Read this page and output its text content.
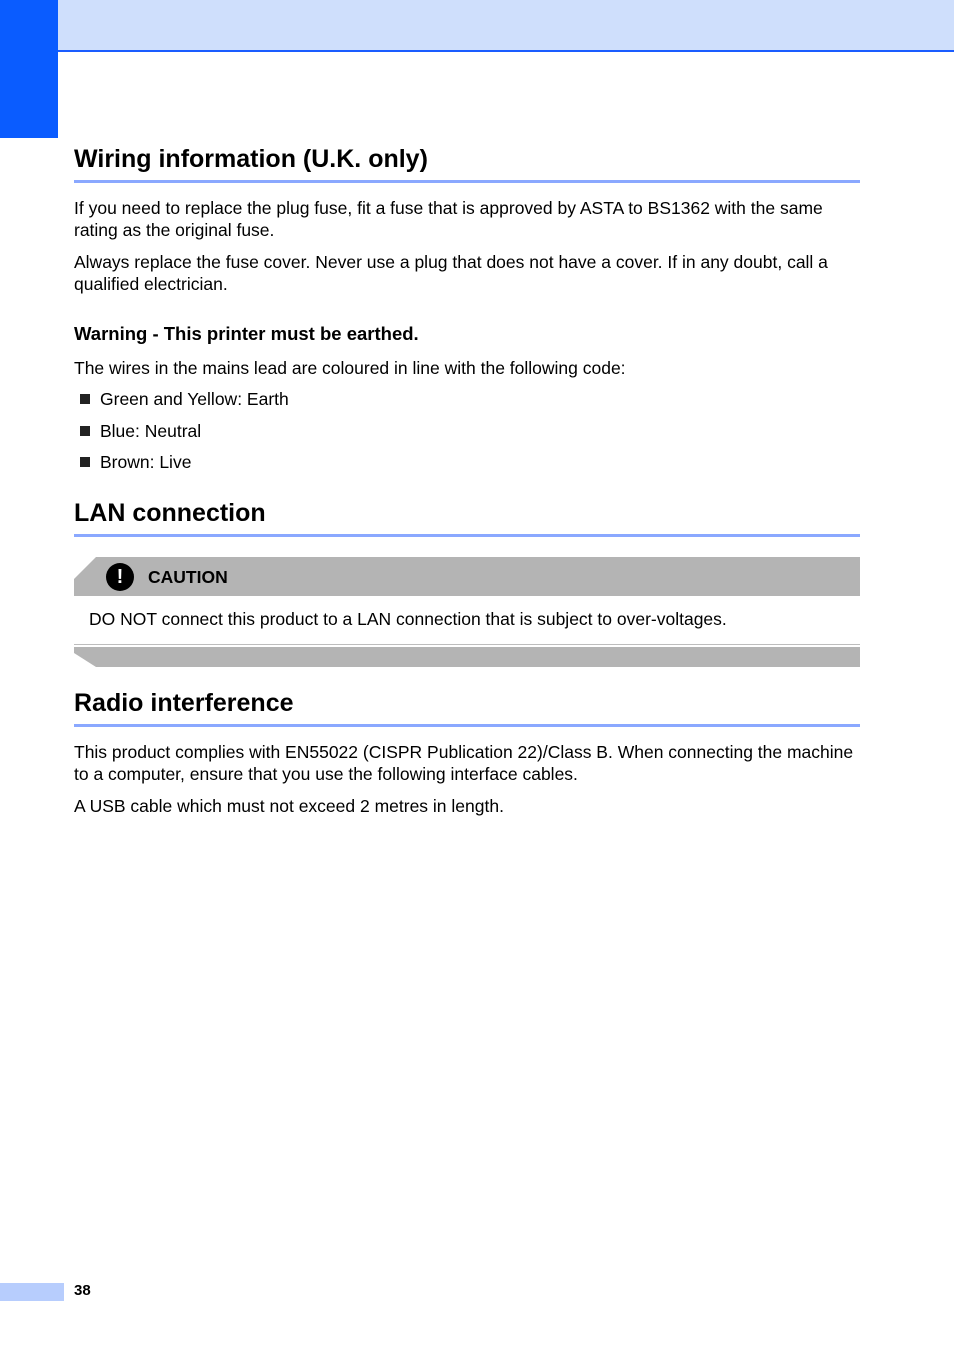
Wiring information (U.K. only)

If you need to replace the plug fuse, fit a fuse that is approved by ASTA to BS1362 with the same rating as the original fuse.

Always replace the fuse cover. Never use a plug that does not have a cover. If in any doubt, call a qualified electrician.

Warning - This printer must be earthed.

The wires in the mains lead are coloured in line with the following code:

Green and Yellow: Earth
Blue: Neutral
Brown: Live
LAN connection
!	CAUTION
DO NOT connect this product to a LAN connection that is subject to over-voltages.
Radio interference

This product complies with EN55022 (CISPR Publication 22)/Class B. When connecting the machine to a computer, ensure that you use the following interface cables.

A USB cable which must not exceed 2 metres in length.

38
